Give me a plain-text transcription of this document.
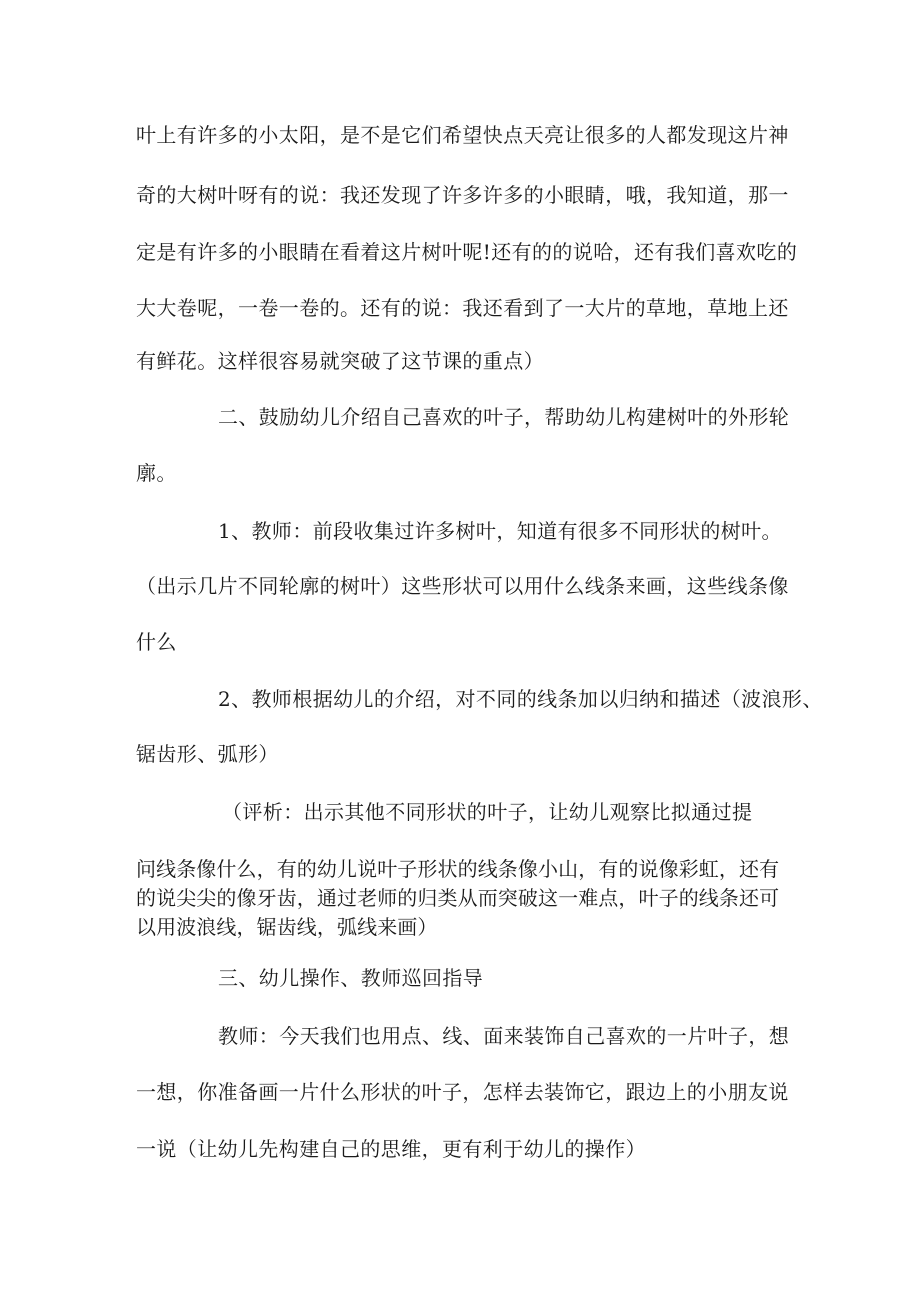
叶上有许多的小太阳，是不是它们希望快点天亮让很多的人都发现这片神
奇的大树叶呀有的说：我还发现了许多许多的小眼睛，哦，我知道，那一
定是有许多的小眼睛在看着这片树叶呢!还有的的说哈，还有我们喜欢吃的
大大卷呢，一卷一卷的。还有的说：我还看到了一大片的草地，草地上还
有鲜花。这样很容易就突破了这节课的重点）
二、鼓励幼儿介绍自己喜欢的叶子，帮助幼儿构建树叶的外形轮
廓。
1、教师：前段收集过许多树叶，知道有很多不同形状的树叶。
（出示几片不同轮廓的树叶）这些形状可以用什么线条来画，这些线条像
什么
2、教师根据幼儿的介绍，对不同的线条加以归纳和描述（波浪形、
锯齿形、弧形）
（评析：出示其他不同形状的叶子，让幼儿观察比拟通过提
问线条像什么，有的幼儿说叶子形状的线条像小山，有的说像彩虹，还有
的说尖尖的像牙齿，通过老师的归类从而突破这一难点，叶子的线条还可
以用波浪线，锯齿线，弧线来画）
三、幼儿操作、教师巡回指导
教师：今天我们也用点、线、面来装饰自己喜欢的一片叶子，想
一想，你准备画一片什么形状的叶子，怎样去装饰它，跟边上的小朋友说
一说（让幼儿先构建自己的思维，更有利于幼儿的操作）
